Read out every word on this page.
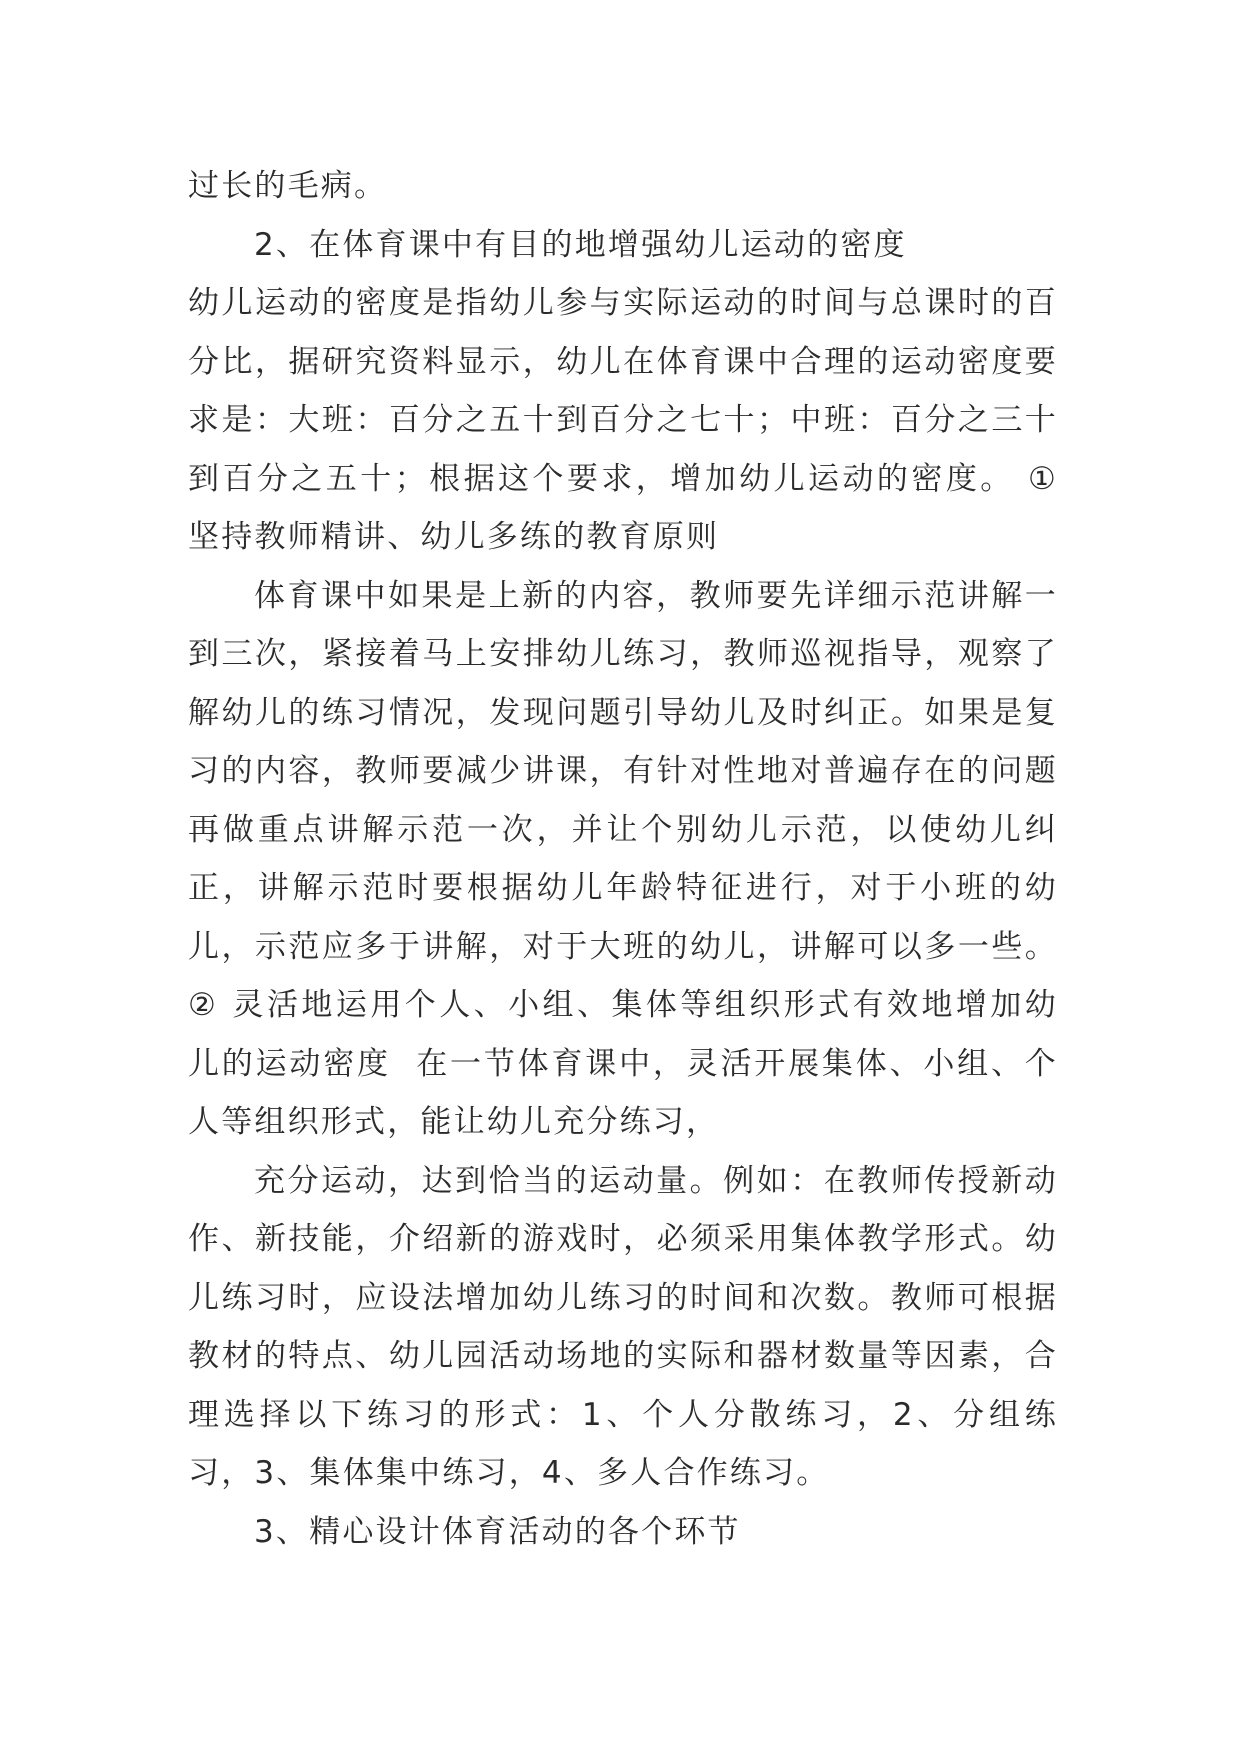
过长的毛病。

2、在体育课中有目的地增强幼儿运动的密度

幼儿运动的密度是指幼儿参与实际运动的时间与总课时的百分比，据研究资料显示，幼儿在体育课中合理的运动密度要求是：大班：百分之五十到百分之七十；中班：百分之三十到百分之五十；根据这个要求，增加幼儿运动的密度。 ①坚持教师精讲、幼儿多练的教育原则

体育课中如果是上新的内容，教师要先详细示范讲解一到三次，紧接着马上安排幼儿练习，教师巡视指导，观察了解幼儿的练习情况，发现问题引导幼儿及时纠正。如果是复习的内容，教师要减少讲课，有针对性地对普遍存在的问题再做重点讲解示范一次，并让个别幼儿示范，以使幼儿纠正，讲解示范时要根据幼儿年龄特征进行，对于小班的幼儿，示范应多于讲解，对于大班的幼儿，讲解可以多一些。② 灵活地运用个人、小组、集体等组织形式有效地增加幼儿的运动密度  在一节体育课中，灵活开展集体、小组、个人等组织形式，能让幼儿充分练习，

充分运动，达到恰当的运动量。例如：在教师传授新动作、新技能，介绍新的游戏时，必须采用集体教学形式。幼儿练习时，应设法增加幼儿练习的时间和次数。教师可根据教材的特点、幼儿园活动场地的实际和器材数量等因素，合理选择以下练习的形式：1、个人分散练习，2、分组练习，3、集体集中练习，4、多人合作练习。

3、精心设计体育活动的各个环节
